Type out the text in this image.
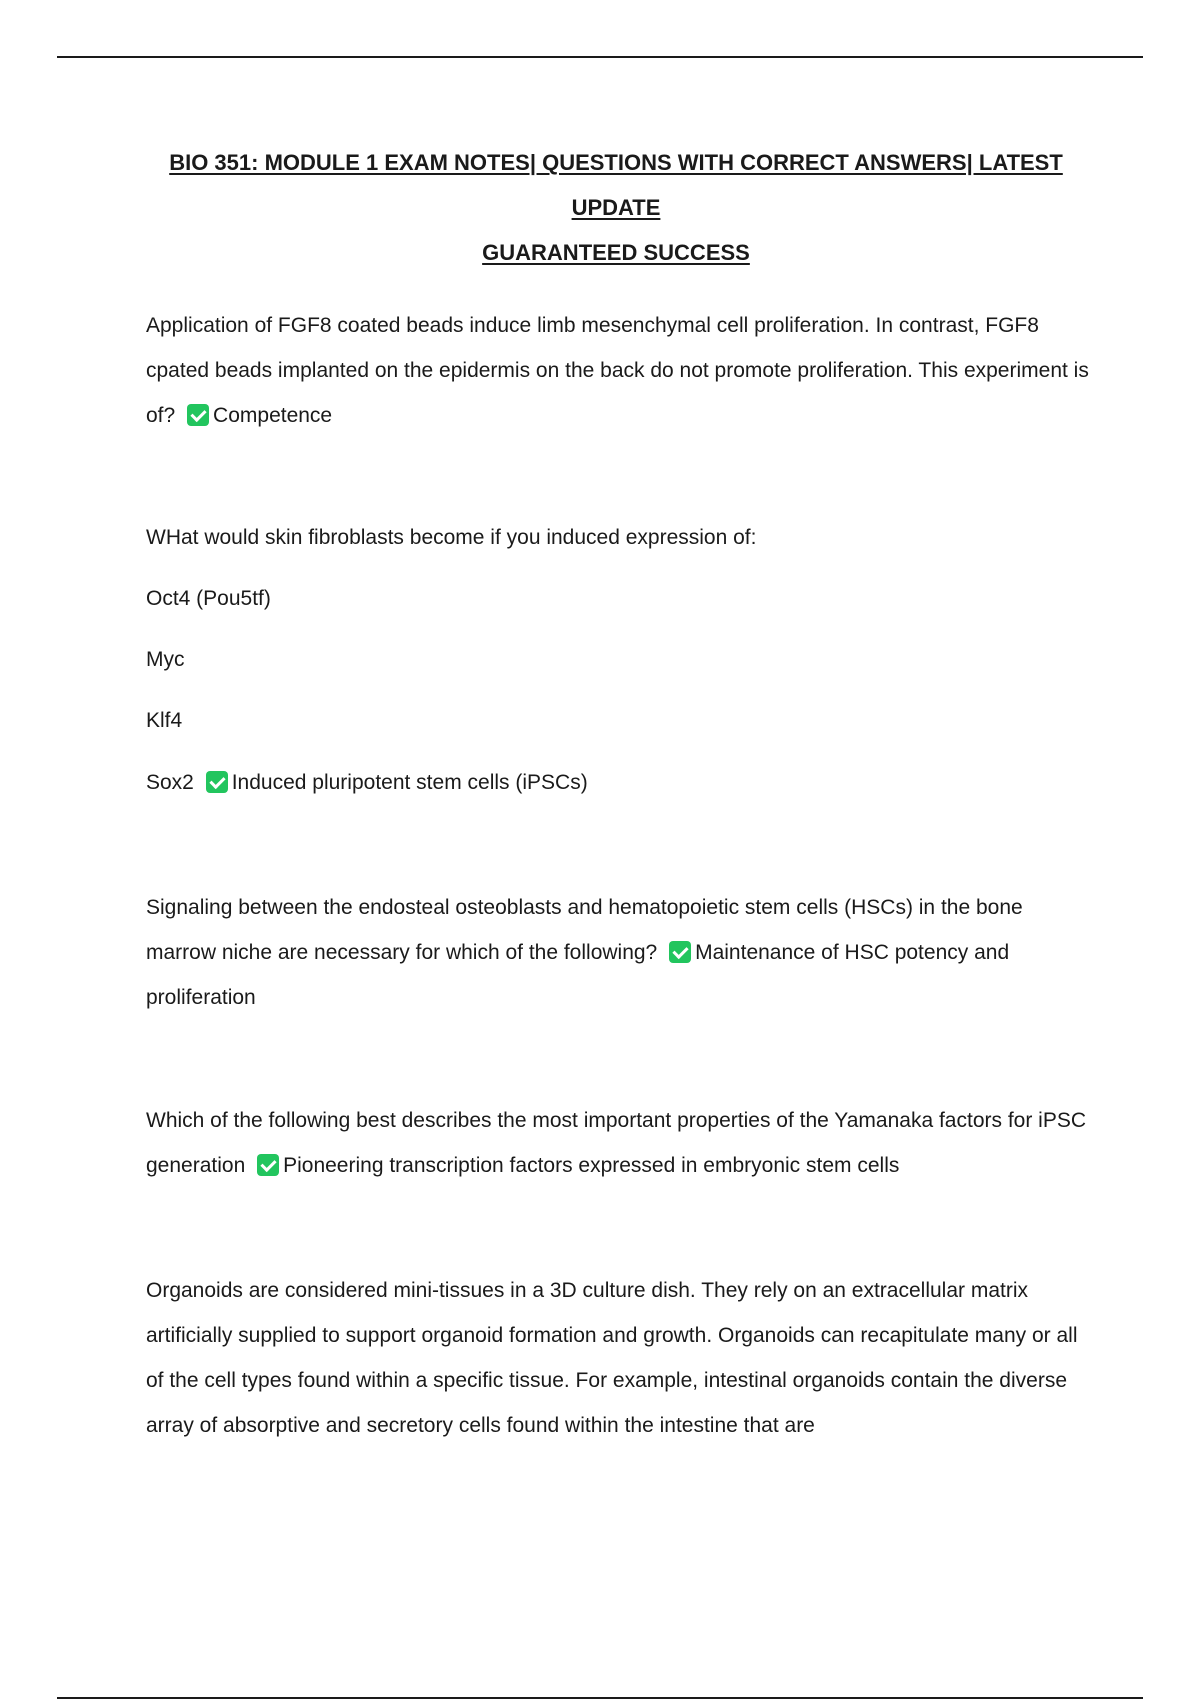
BIO 351: MODULE 1 EXAM NOTES| QUESTIONS WITH CORRECT ANSWERS| LATEST UPDATE
GUARANTEED SUCCESS
Application of FGF8 coated beads induce limb mesenchymal cell proliferation. In contrast, FGF8 cpated beads implanted on the epidermis on the back do not promote proliferation. This experiment is of? Competence
WHat would skin fibroblasts become if you induced expression of:
Oct4 (Pou5tf)
Myc
Klf4
Sox2 Induced pluripotent stem cells (iPSCs)
Signaling between the endosteal osteoblasts and hematopoietic stem cells (HSCs) in the bone marrow niche are necessary for which of the following? Maintenance of HSC potency and proliferation
Which of the following best describes the most important properties of the Yamanaka factors for iPSC generation Pioneering transcription factors expressed in embryonic stem cells
Organoids are considered mini-tissues in a 3D culture dish. They rely on an extracellular matrix artificially supplied to support organoid formation and growth. Organoids can recapitulate many or all of the cell types found within a specific tissue. For example, intestinal organoids contain the diverse array of absorptive and secretory cells found within the intestine that are
